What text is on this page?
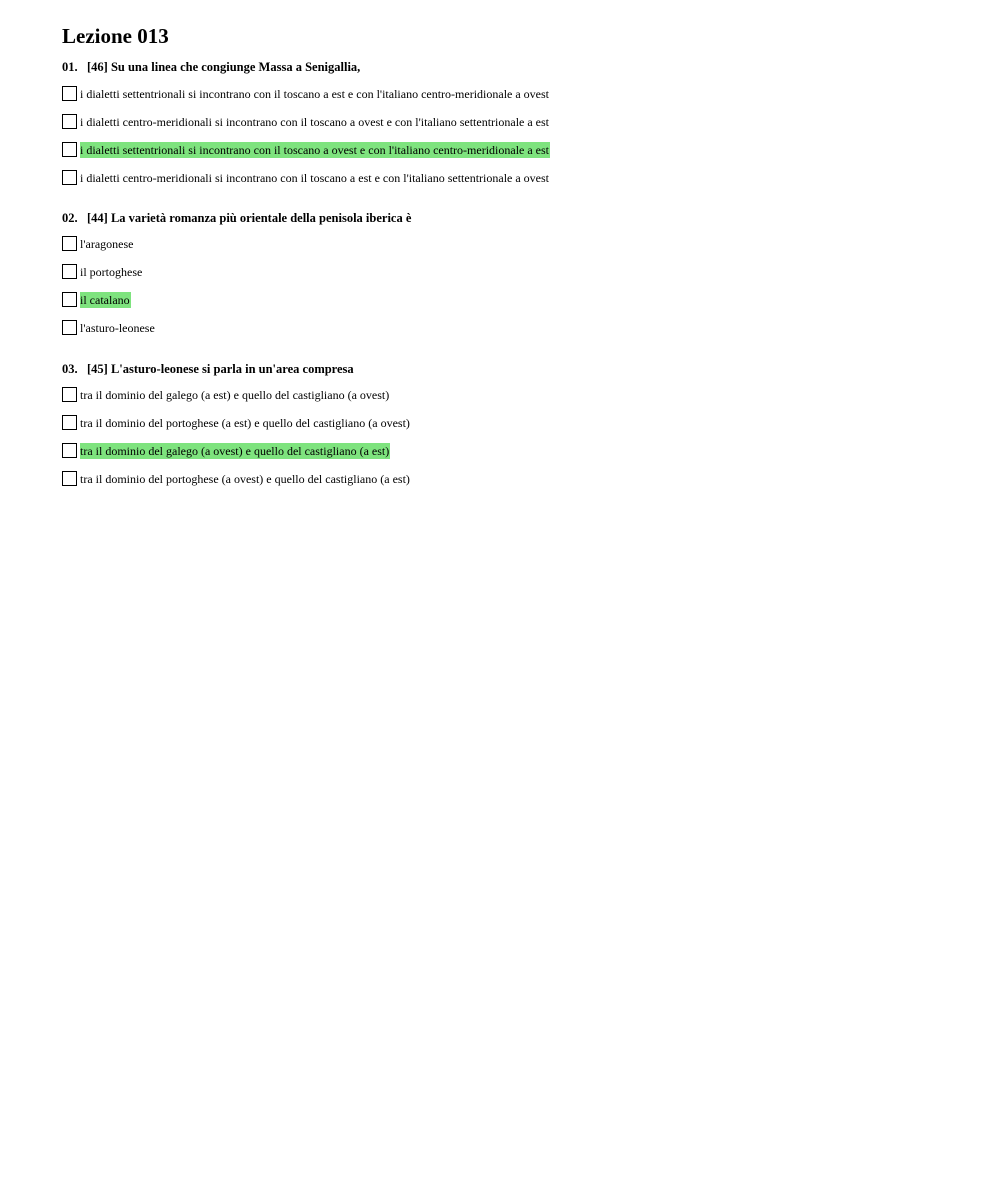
Lezione 013
01. [46] Su una linea che congiunge Massa a Senigallia,
i dialetti settentrionali si incontrano con il toscano a est e con l'italiano centro-meridionale a ovest
i dialetti centro-meridionali si incontrano con il toscano a ovest e con l'italiano settentrionale a est
i dialetti settentrionali si incontrano con il toscano a ovest e con l'italiano centro-meridionale a est
i dialetti centro-meridionali si incontrano con il toscano a est e con l'italiano settentrionale a ovest
02. [44] La varietà romanza più orientale della penisola iberica è
l'aragonese
il portoghese
il catalano
l'asturo-leonese
03. [45] L'asturo-leonese si parla in un'area compresa
tra il dominio del galego (a est) e quello del castigliano (a ovest)
tra il dominio del portoghese (a est) e quello del castigliano (a ovest)
tra il dominio del galego (a ovest) e quello del castigliano (a est)
tra il dominio del portoghese (a ovest) e quello del castigliano (a est)
